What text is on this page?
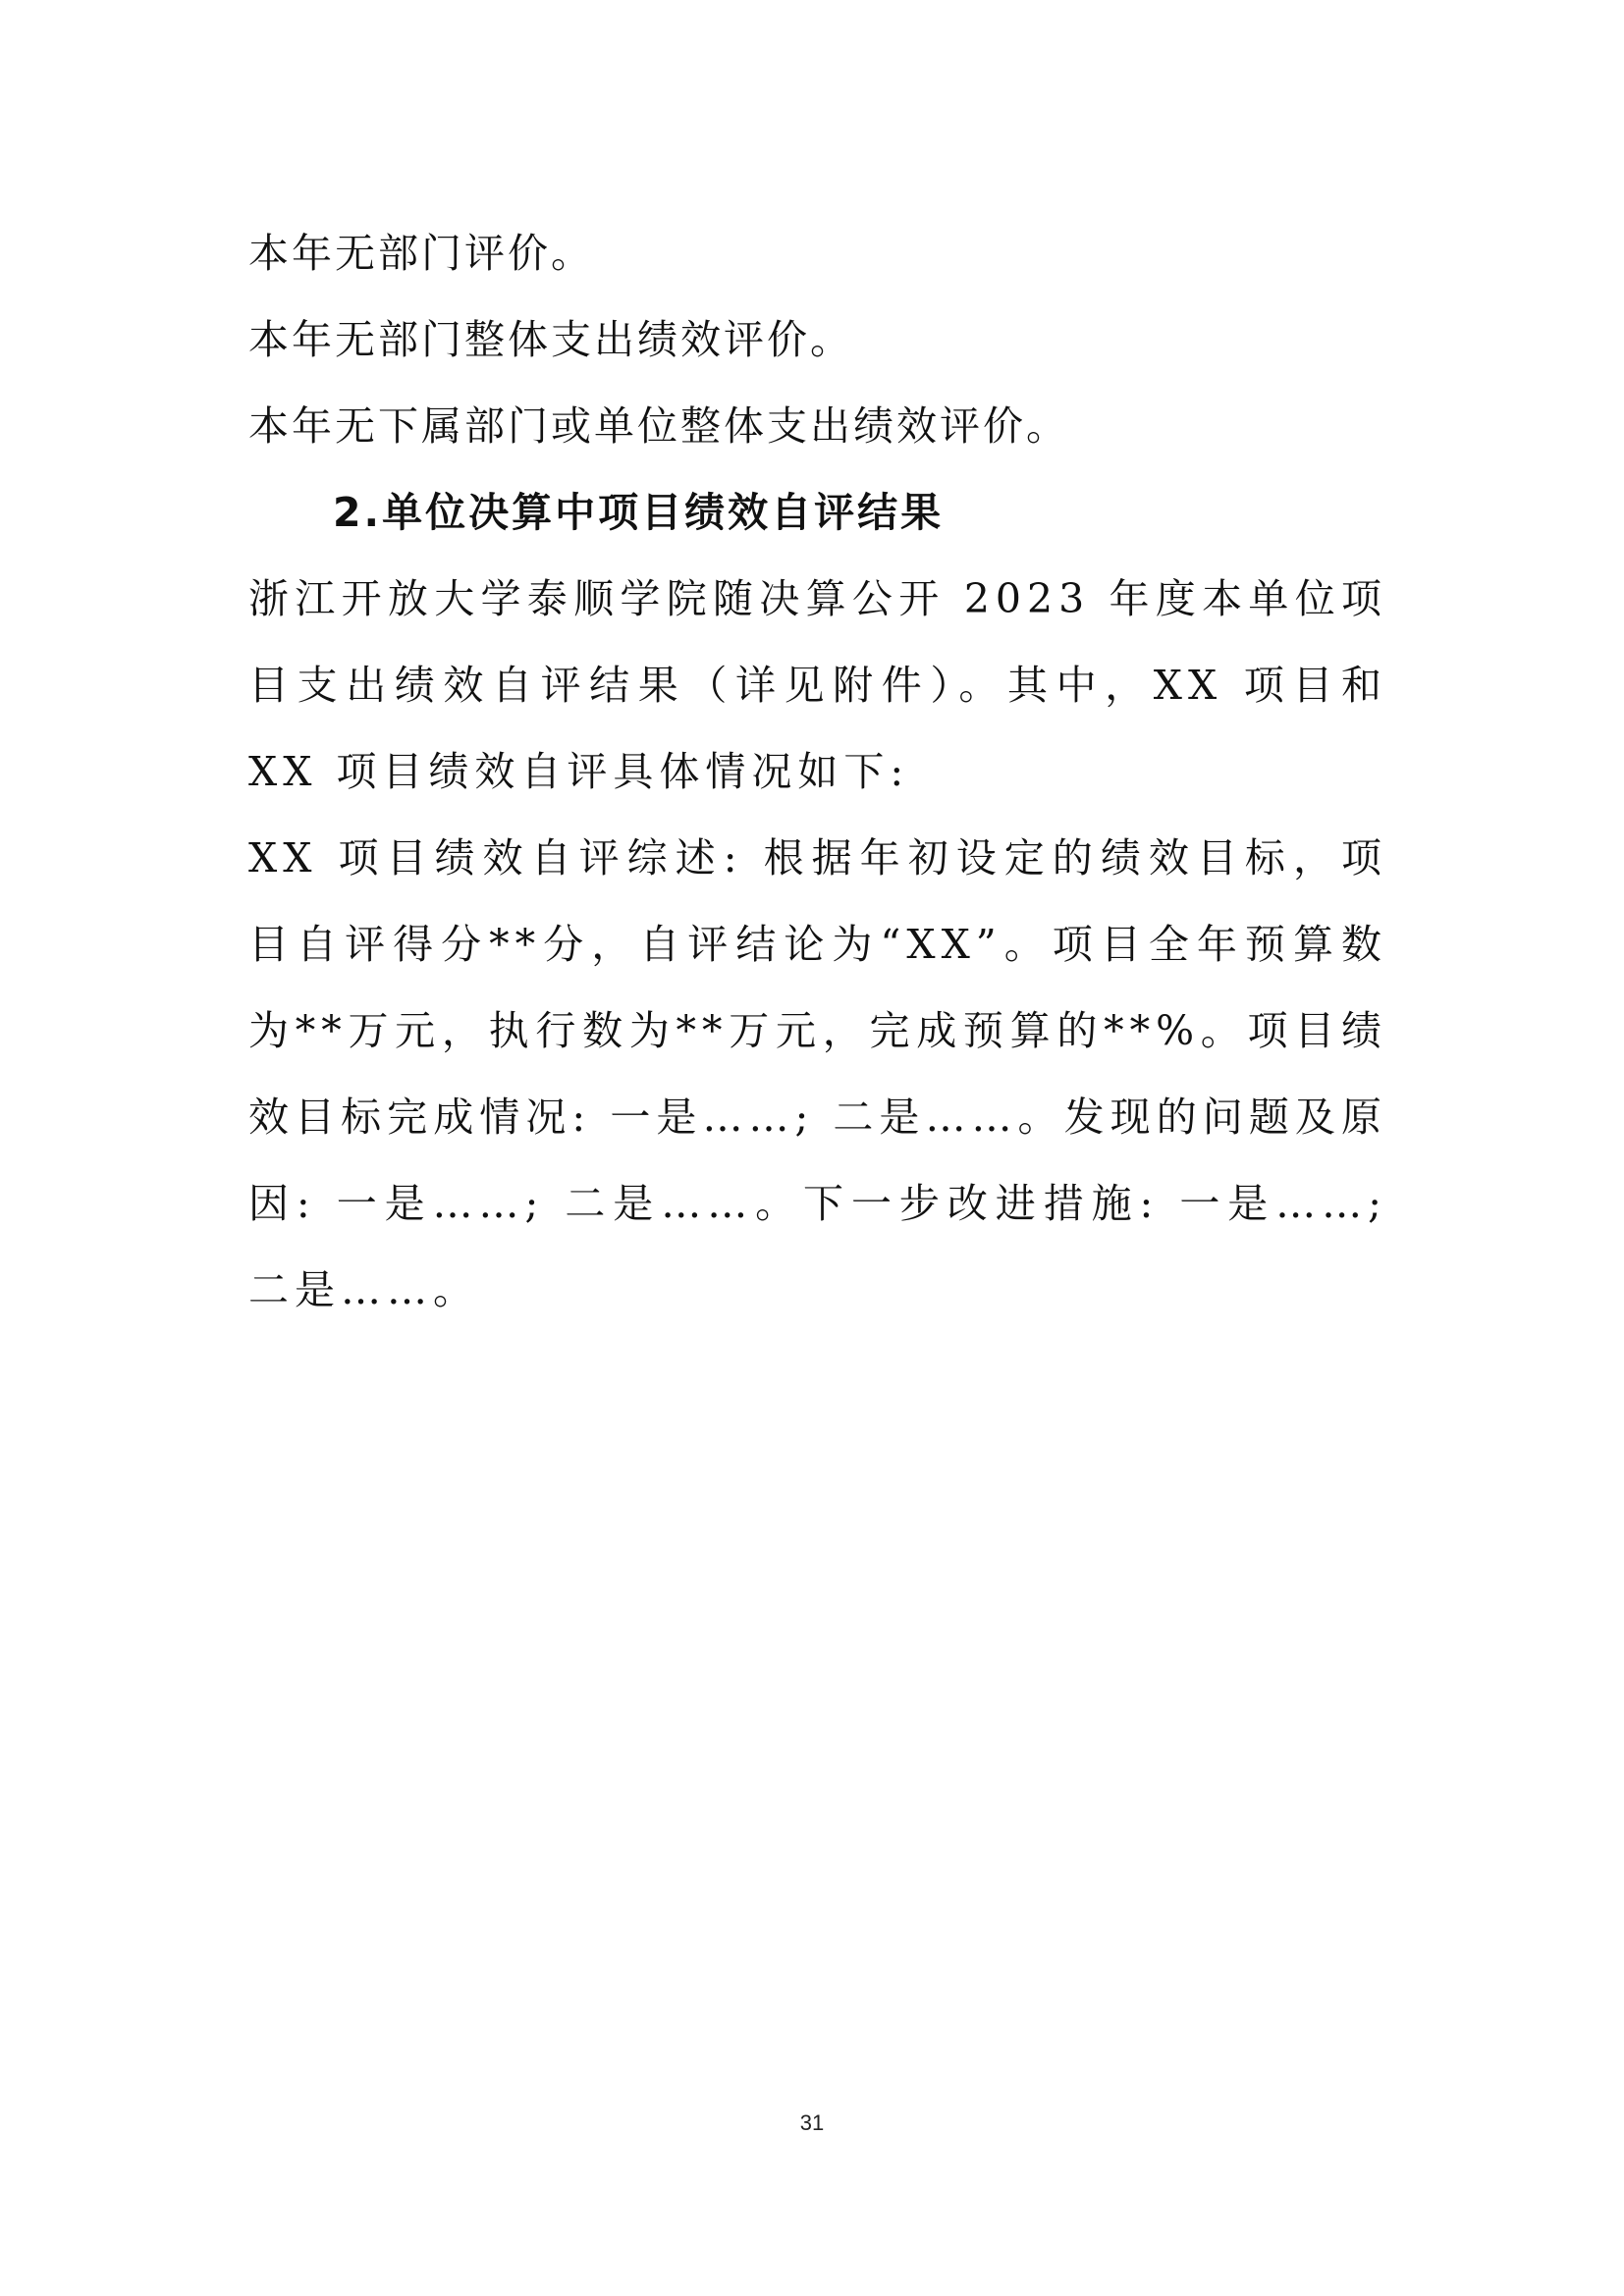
本年无部门评价。
本年无部门整体支出绩效评价。
本年无下属部门或单位整体支出绩效评价。
2.单位决算中项目绩效自评结果

浙江开放大学泰顺学院随决算公开 2023 年度本单位项目支出绩效自评结果（详见附件）。其中，XX 项目和 XX 项目绩效自评具体情况如下:

XX 项目绩效自评综述: 根据年初设定的绩效目标，项目自评得分**分，自评结论为“XX”。项目全年预算数为**万元，执行数为**万元，完成预算的**%。项目绩效目标完成情况: 一是……; 二是……。发现的问题及原因: 一是……; 二是……。下一步改进措施: 一是……; 二是……。

31
